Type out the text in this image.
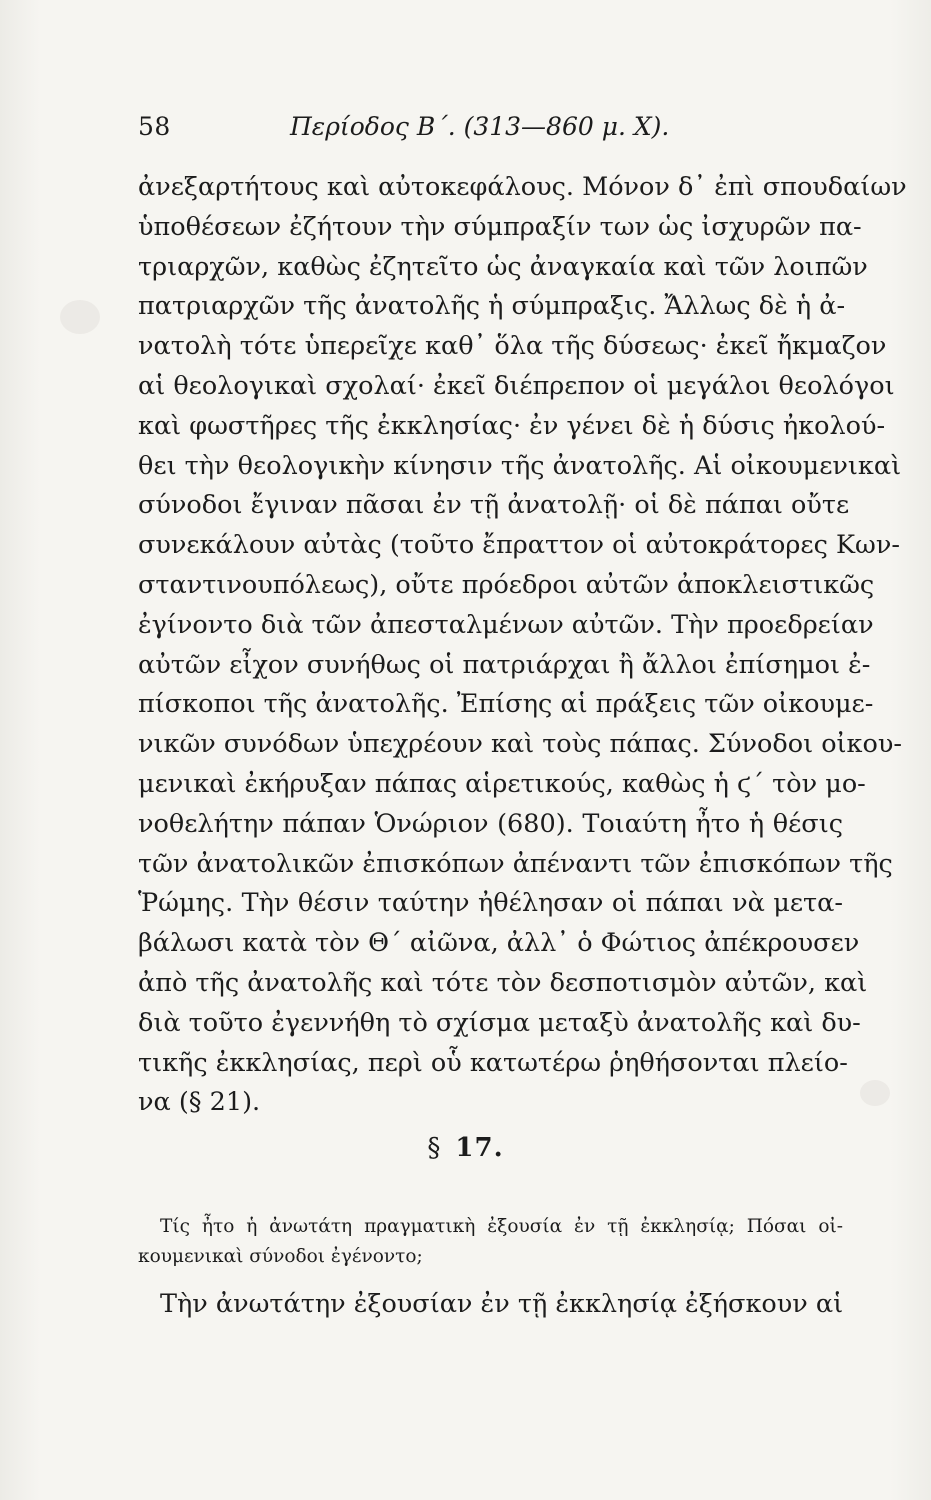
58	Περίοδος Β΄. (313—860 μ. Χ).
ἀνεξαρτήτους καὶ αὐτοκεφάλους. Μόνον δ᾽ ἐπὶ σπουδαίων
ὑποθέσεων ἐζήτουν τὴν σύμπραξίν των ὡς ἰσχυρῶν πα-
τριαρχῶν, καθὼς ἐζητεῖτο ὡς ἀναγκαία καὶ τῶν λοιπῶν
πατριαρχῶν τῆς ἀνατολῆς ἡ σύμπραξις. Ἄλλως δὲ ἡ ἀ-
νατολὴ τότε ὑπερεῖχε καθ᾽ ὅλα τῆς δύσεως· ἐκεῖ ἤκμαζον
αἱ θεολογικαὶ σχολαί· ἐκεῖ διέπρεπον οἱ μεγάλοι θεολόγοι
καὶ φωστῆρες τῆς ἐκκλησίας· ἐν γένει δὲ ἡ δύσις ἠκολού-
θει τὴν θεολογικὴν κίνησιν τῆς ἀνατολῆς. Αἱ οἰκουμενικαὶ
σύνοδοι ἔγιναν πᾶσαι ἐν τῇ ἀνατολῇ· οἱ δὲ πάπαι οὔτε
συνεκάλουν αὐτὰς (τοῦτο ἔπραττον οἱ αὐτοκράτορες Κων-
σταντινουπόλεως), οὔτε πρόεδροι αὐτῶν ἀποκλειστικῶς
ἐγίνοντο διὰ τῶν ἀπεσταλμένων αὐτῶν. Τὴν προεδρείαν
αὐτῶν εἶχον συνήθως οἱ πατριάρχαι ἢ ἄλλοι ἐπίσημοι ἐ-
πίσκοποι τῆς ἀνατολῆς. Ἐπίσης αἱ πράξεις τῶν οἰκουμε-
νικῶν συνόδων ὑπεχρέουν καὶ τοὺς πάπας. Σύνοδοι οἰκου-
μενικαὶ ἐκήρυξαν πάπας αἱρετικούς, καθὼς ἡ ϛ΄ τὸν μο-
νοθελήτην πάπαν Ὁνώριον (680). Τοιαύτη ἦτο ἡ θέσις
τῶν ἀνατολικῶν ἐπισκόπων ἀπέναντι τῶν ἐπισκόπων τῆς
Ῥώμης. Τὴν θέσιν ταύτην ἠθέλησαν οἱ πάπαι νὰ μετα-
βάλωσι κατὰ τὸν Θ΄ αἰῶνα, ἀλλ᾽ ὁ Φώτιος ἀπέκρουσεν
ἀπὸ τῆς ἀνατολῆς καὶ τότε τὸν δεσποτισμὸν αὐτῶν, καὶ
διὰ τοῦτο ἐγεννήθη τὸ σχίσμα μεταξὺ ἀνατολῆς καὶ δυ-
τικῆς ἐκκλησίας, περὶ οὗ κατωτέρω ῥηθήσονται πλείο-
να (§ 21).
§ 17.
Τίς ἦτο ἡ ἀνωτάτη πραγματικὴ ἐξουσία ἐν τῇ ἐκκλησίᾳ; Πόσαι οἰ-
κουμενικαὶ σύνοδοι ἐγένοντο;
Τὴν ἀνωτάτην ἐξουσίαν ἐν τῇ ἐκκλησίᾳ ἐξήσκουν αἱ
